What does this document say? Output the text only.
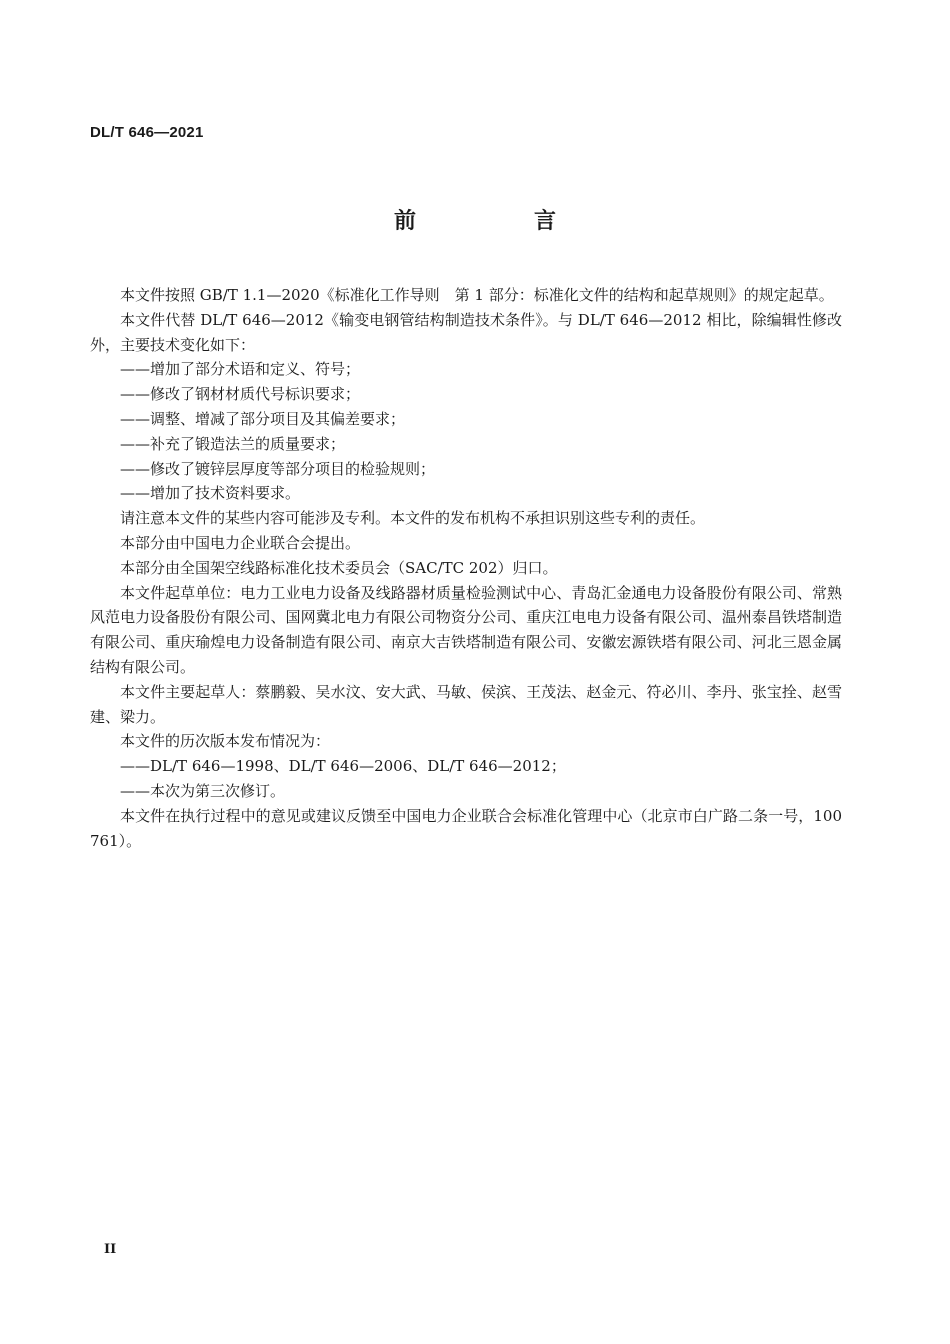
DL/T 646—2021
前　言

本文件按照 GB/T 1.1—2020《标准化工作导则　第 1 部分：标准化文件的结构和起草规则》的规定起草。

本文件代替 DL/T 646—2012《输变电钢管结构制造技术条件》。与 DL/T 646—2012 相比，除编辑性修改外，主要技术变化如下：

——增加了部分术语和定义、符号；

——修改了钢材材质代号标识要求；

——调整、增减了部分项目及其偏差要求；

——补充了锻造法兰的质量要求；

——修改了镀锌层厚度等部分项目的检验规则；

——增加了技术资料要求。

请注意本文件的某些内容可能涉及专利。本文件的发布机构不承担识别这些专利的责任。

本部分由中国电力企业联合会提出。

本部分由全国架空线路标准化技术委员会（SAC/TC 202）归口。

本文件起草单位：电力工业电力设备及线路器材质量检验测试中心、青岛汇金通电力设备股份有限公司、常熟风范电力设备股份有限公司、国网冀北电力有限公司物资分公司、重庆江电电力设备有限公司、温州泰昌铁塔制造有限公司、重庆瑜煌电力设备制造有限公司、南京大吉铁塔制造有限公司、安徽宏源铁塔有限公司、河北三恩金属结构有限公司。

本文件主要起草人：蔡鹏毅、吴水汶、安大武、马敏、侯滨、王茂法、赵金元、符必川、李丹、张宝拴、赵雪建、梁力。

本文件的历次版本发布情况为：

——DL/T 646—1998、DL/T 646—2006、DL/T 646—2012；

——本次为第三次修订。

本文件在执行过程中的意见或建议反馈至中国电力企业联合会标准化管理中心（北京市白广路二条一号，100761）。

II
